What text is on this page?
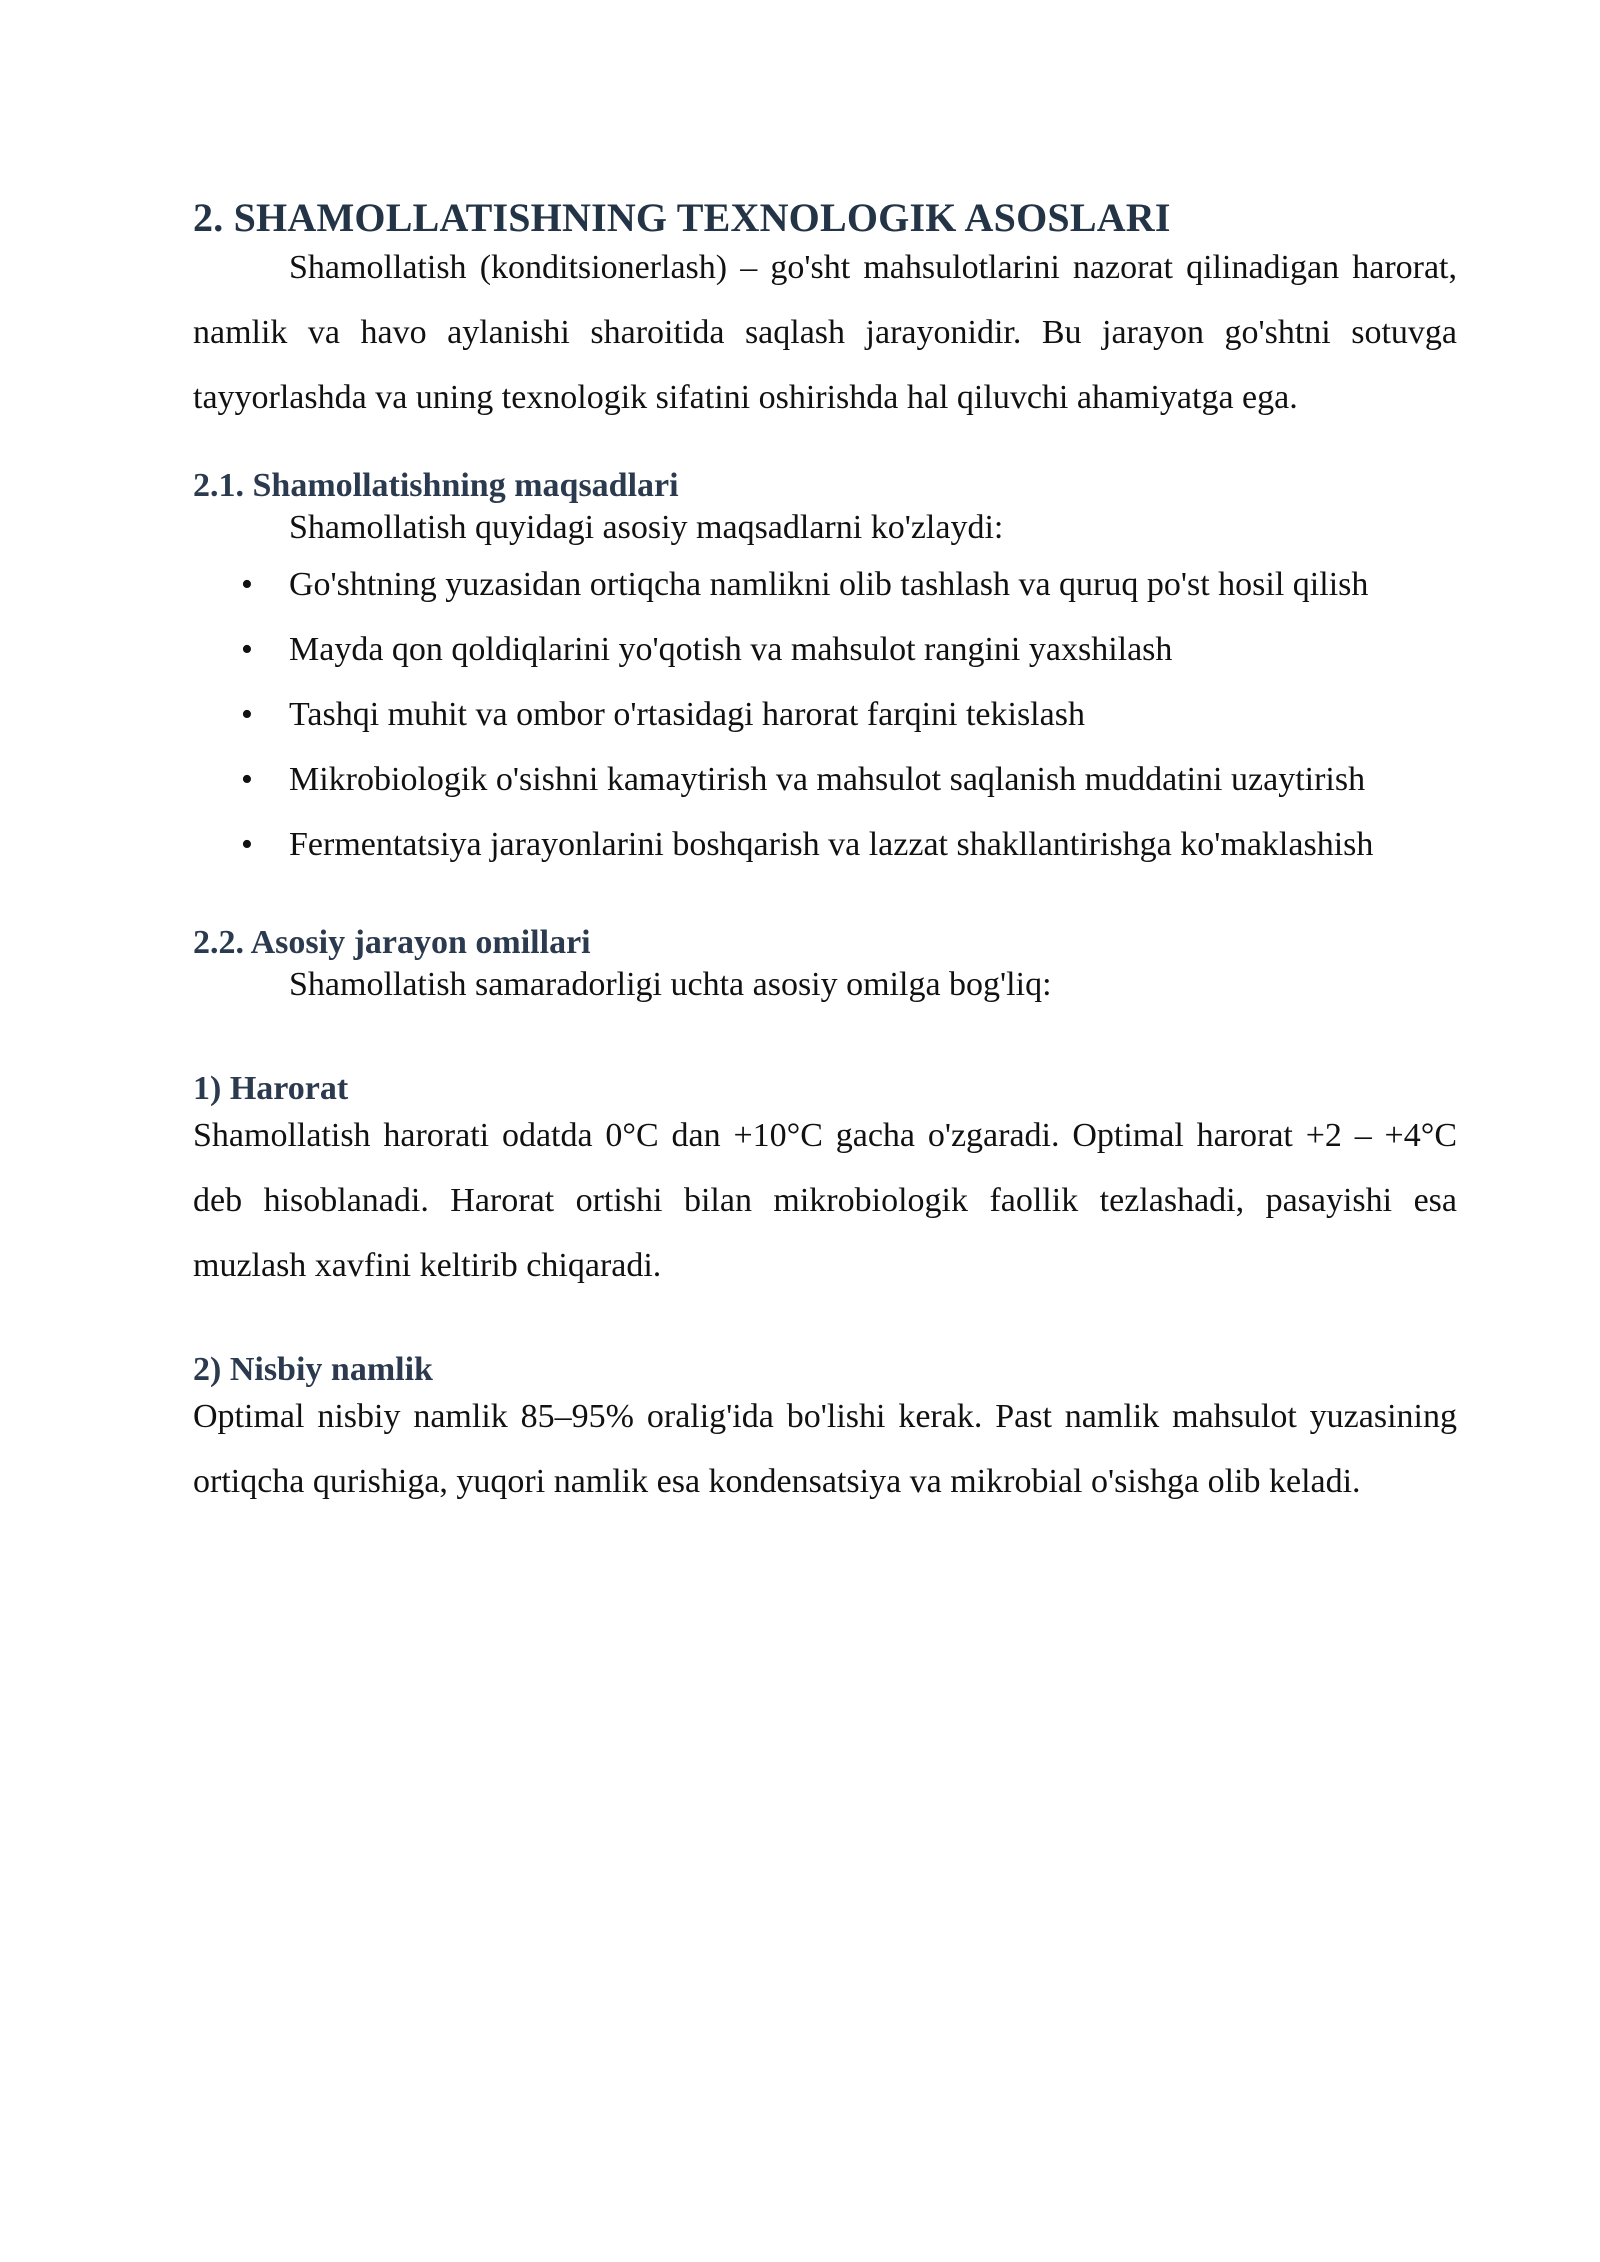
2. SHAMOLLATISHNING TEXNOLOGIK ASOSLARI

Shamollatish (konditsionerlash) – go'sht mahsulotlarini nazorat qilinadigan harorat, namlik va havo aylanishi sharoitida saqlash jarayonidir. Bu jarayon go'shtni sotuvga tayyorlashda va uning texnologik sifatini oshirishda hal qiluvchi ahamiyatga ega.

2.1. Shamollatishning maqsadlari

Shamollatish quyidagi asosiy maqsadlarni ko'zlaydi:

• Go'shtning yuzasidan ortiqcha namlikni olib tashlash va quruq po'st hosil qilish
• Mayda qon qoldiqlarini yo'qotish va mahsulot rangini yaxshilash
• Tashqi muhit va ombor o'rtasidagi harorat farqini tekislash
• Mikrobiologik o'sishni kamaytirish va mahsulot saqlanish muddatini uzaytirish
• Fermentatsiya jarayonlarini boshqarish va lazzat shakllantirishga ko'maklashish
2.2. Asosiy jarayon omillari

Shamollatish samaradorligi uchta asosiy omilga bog'liq:

1) Harorat

Shamollatish harorati odatda 0°C dan +10°C gacha o'zgaradi. Optimal harorat +2 – +4°C deb hisoblanadi. Harorat ortishi bilan mikrobiologik faollik tezlashadi, pasayishi esa muzlash xavfini keltirib chiqaradi.

2) Nisbiy namlik

Optimal nisbiy namlik 85–95% oralig'ida bo'lishi kerak. Past namlik mahsulot yuzasining ortiqcha qurishiga, yuqori namlik esa kondensatsiya va mikrobial o'sishga olib keladi.
